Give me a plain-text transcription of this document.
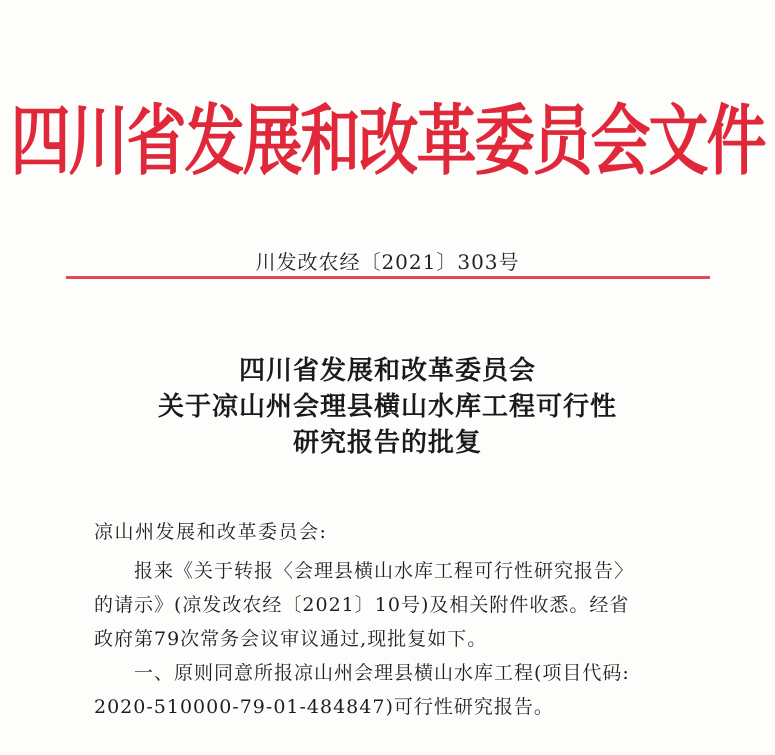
四川省发展和改革委员会文件
川发改农经〔2021〕303号
四川省发展和改革委员会
关于凉山州会理县横山水库工程可行性
研究报告的批复
凉山州发展和改革委员会:
报来《关于转报〈会理县横山水库工程可行性研究报告〉
的请示》(凉发改农经〔2021〕10号)及相关附件收悉。经省
政府第79次常务会议审议通过,现批复如下。
一、原则同意所报凉山州会理县横山水库工程(项目代码:
2020-510000-79-01-484847)可行性研究报告。
